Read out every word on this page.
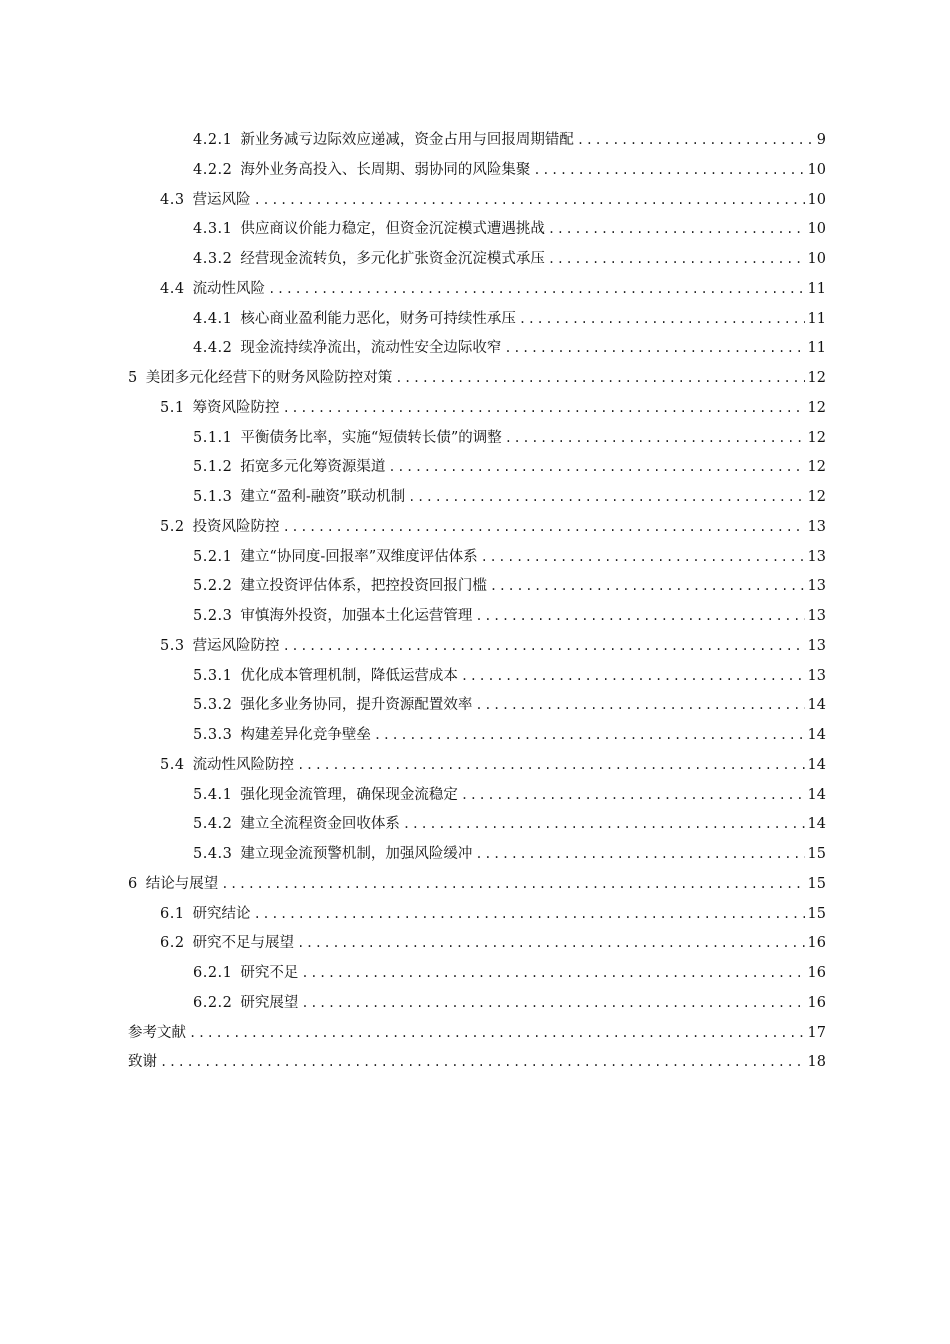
4.2.1 新业务减亏边际效应递减，资金占用与回报周期错配 .....	9
4.2.2 海外业务高投入、长周期、弱协同的风险集聚 .....	10
4.3 营运风险 .....	10
4.3.1 供应商议价能力稳定，但资金沉淀模式遭遇挑战 .....	10
4.3.2 经营现金流转负，多元化扩张资金沉淀模式承压 .....	10
4.4 流动性风险 .....	11
4.4.1 核心商业盈利能力恶化，财务可持续性承压 .....	11
4.4.2 现金流持续净流出，流动性安全边际收窄 .....	11
5 美团多元化经营下的财务风险防控对策 .....	12
5.1 筹资风险防控 .....	12
5.1.1 平衡债务比率，实施“短债转长债”的调整 .....	12
5.1.2 拓宽多元化筹资源渠道 .....	12
5.1.3 建立“盈利-融资”联动机制 .....	12
5.2 投资风险防控 .....	13
5.2.1 建立“协同度-回报率”双维度评估体系 .....	13
5.2.2 建立投资评估体系，把控投资回报门槛 .....	13
5.2.3 审慎海外投资，加强本土化运营管理 .....	13
5.3 营运风险防控 .....	13
5.3.1 优化成本管理机制，降低运营成本 .....	13
5.3.2 强化多业务协同，提升资源配置效率 .....	14
5.3.3 构建差异化竞争壁垒 .....	14
5.4 流动性风险防控 .....	14
5.4.1 强化现金流管理，确保现金流稳定 .....	14
5.4.2 建立全流程资金回收体系 .....	14
5.4.3 建立现金流预警机制，加强风险缓冲 .....	15
6 结论与展望 .....	15
6.1 研究结论 .....	15
6.2 研究不足与展望 .....	16
6.2.1 研究不足 .....	16
6.2.2 研究展望 .....	16
参考文献 .....	17
致谢 .....	18
